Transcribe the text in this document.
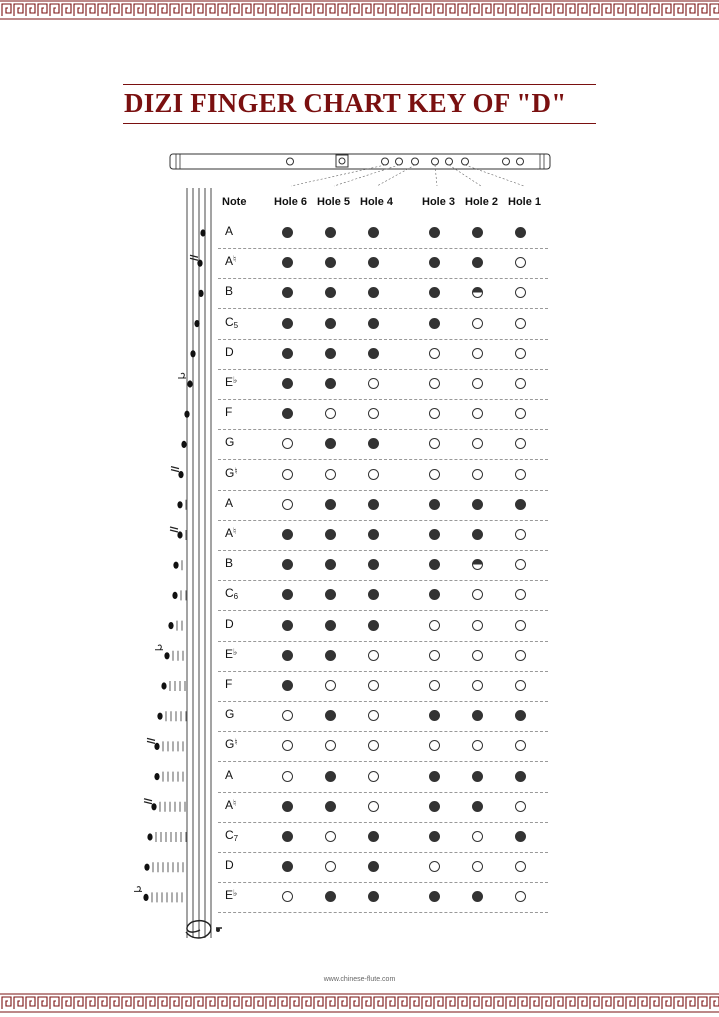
DIZI FINGER CHART KEY OF "D"
Note	Hole 6 Hole 5 Hole 4	Hole 3 Hole 2 Hole 1
A
A♮
B
$C_5$
D
E♭
F
G
G♮
A
A♮
B
$C_6$
D
E♭
F
G
G♮
A
A♮
$C_7$
D
E♭
www.chinese-flute.com
